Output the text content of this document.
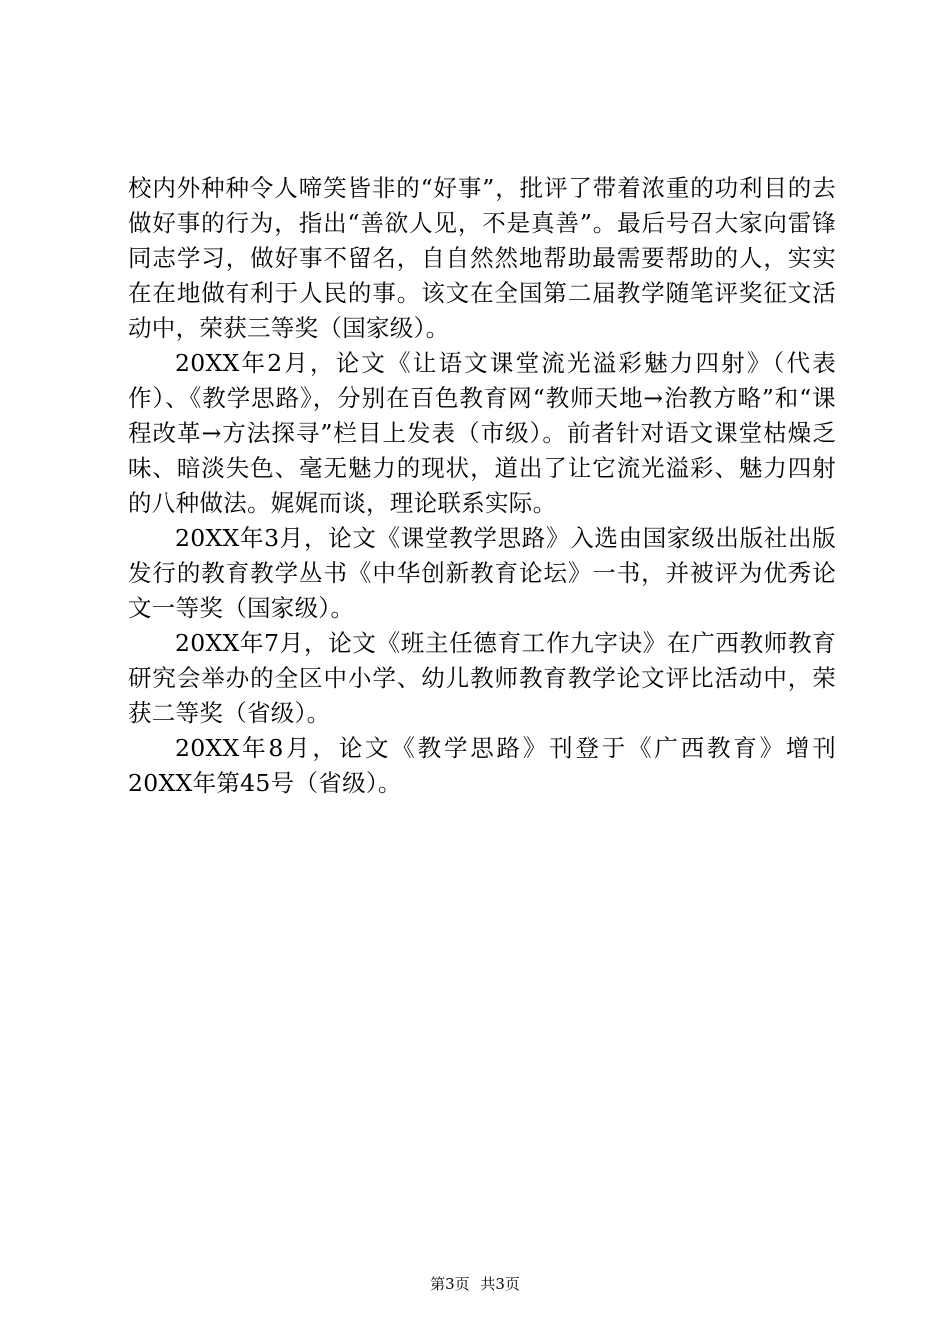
校内外种种令人啼笑皆非的“好事”，批评了带着浓重的功利目的去做好事的行为，指出“善欲人见，不是真善”。最后号召大家向雷锋同志学习，做好事不留名，自自然然地帮助最需要帮助的人，实实在在地做有利于人民的事。该文在全国第二届教学随笔评奖征文活动中，荣获三等奖（国家级）。

20XX年2月，论文《让语文课堂流光溢彩魅力四射》（代表作）、《教学思路》，分别在百色教育网“教师天地→治教方略”和“课程改革→方法探寻”栏目上发表（市级）。前者针对语文课堂枯燥乏味、暗淡失色、毫无魅力的现状，道出了让它流光溢彩、魅力四射的八种做法。娓娓而谈，理论联系实际。

20XX年3月，论文《课堂教学思路》入选由国家级出版社出版发行的教育教学丛书《中华创新教育论坛》一书，并被评为优秀论文一等奖（国家级）。

20XX年7月，论文《班主任德育工作九字诀》在广西教师教育研究会举办的全区中小学、幼儿教师教育教学论文评比活动中，荣获二等奖（省级）。

20XX年8月，论文《教学思路》刊登于《广西教育》增刊20XX年第45号（省级）。

第3页 共3页
